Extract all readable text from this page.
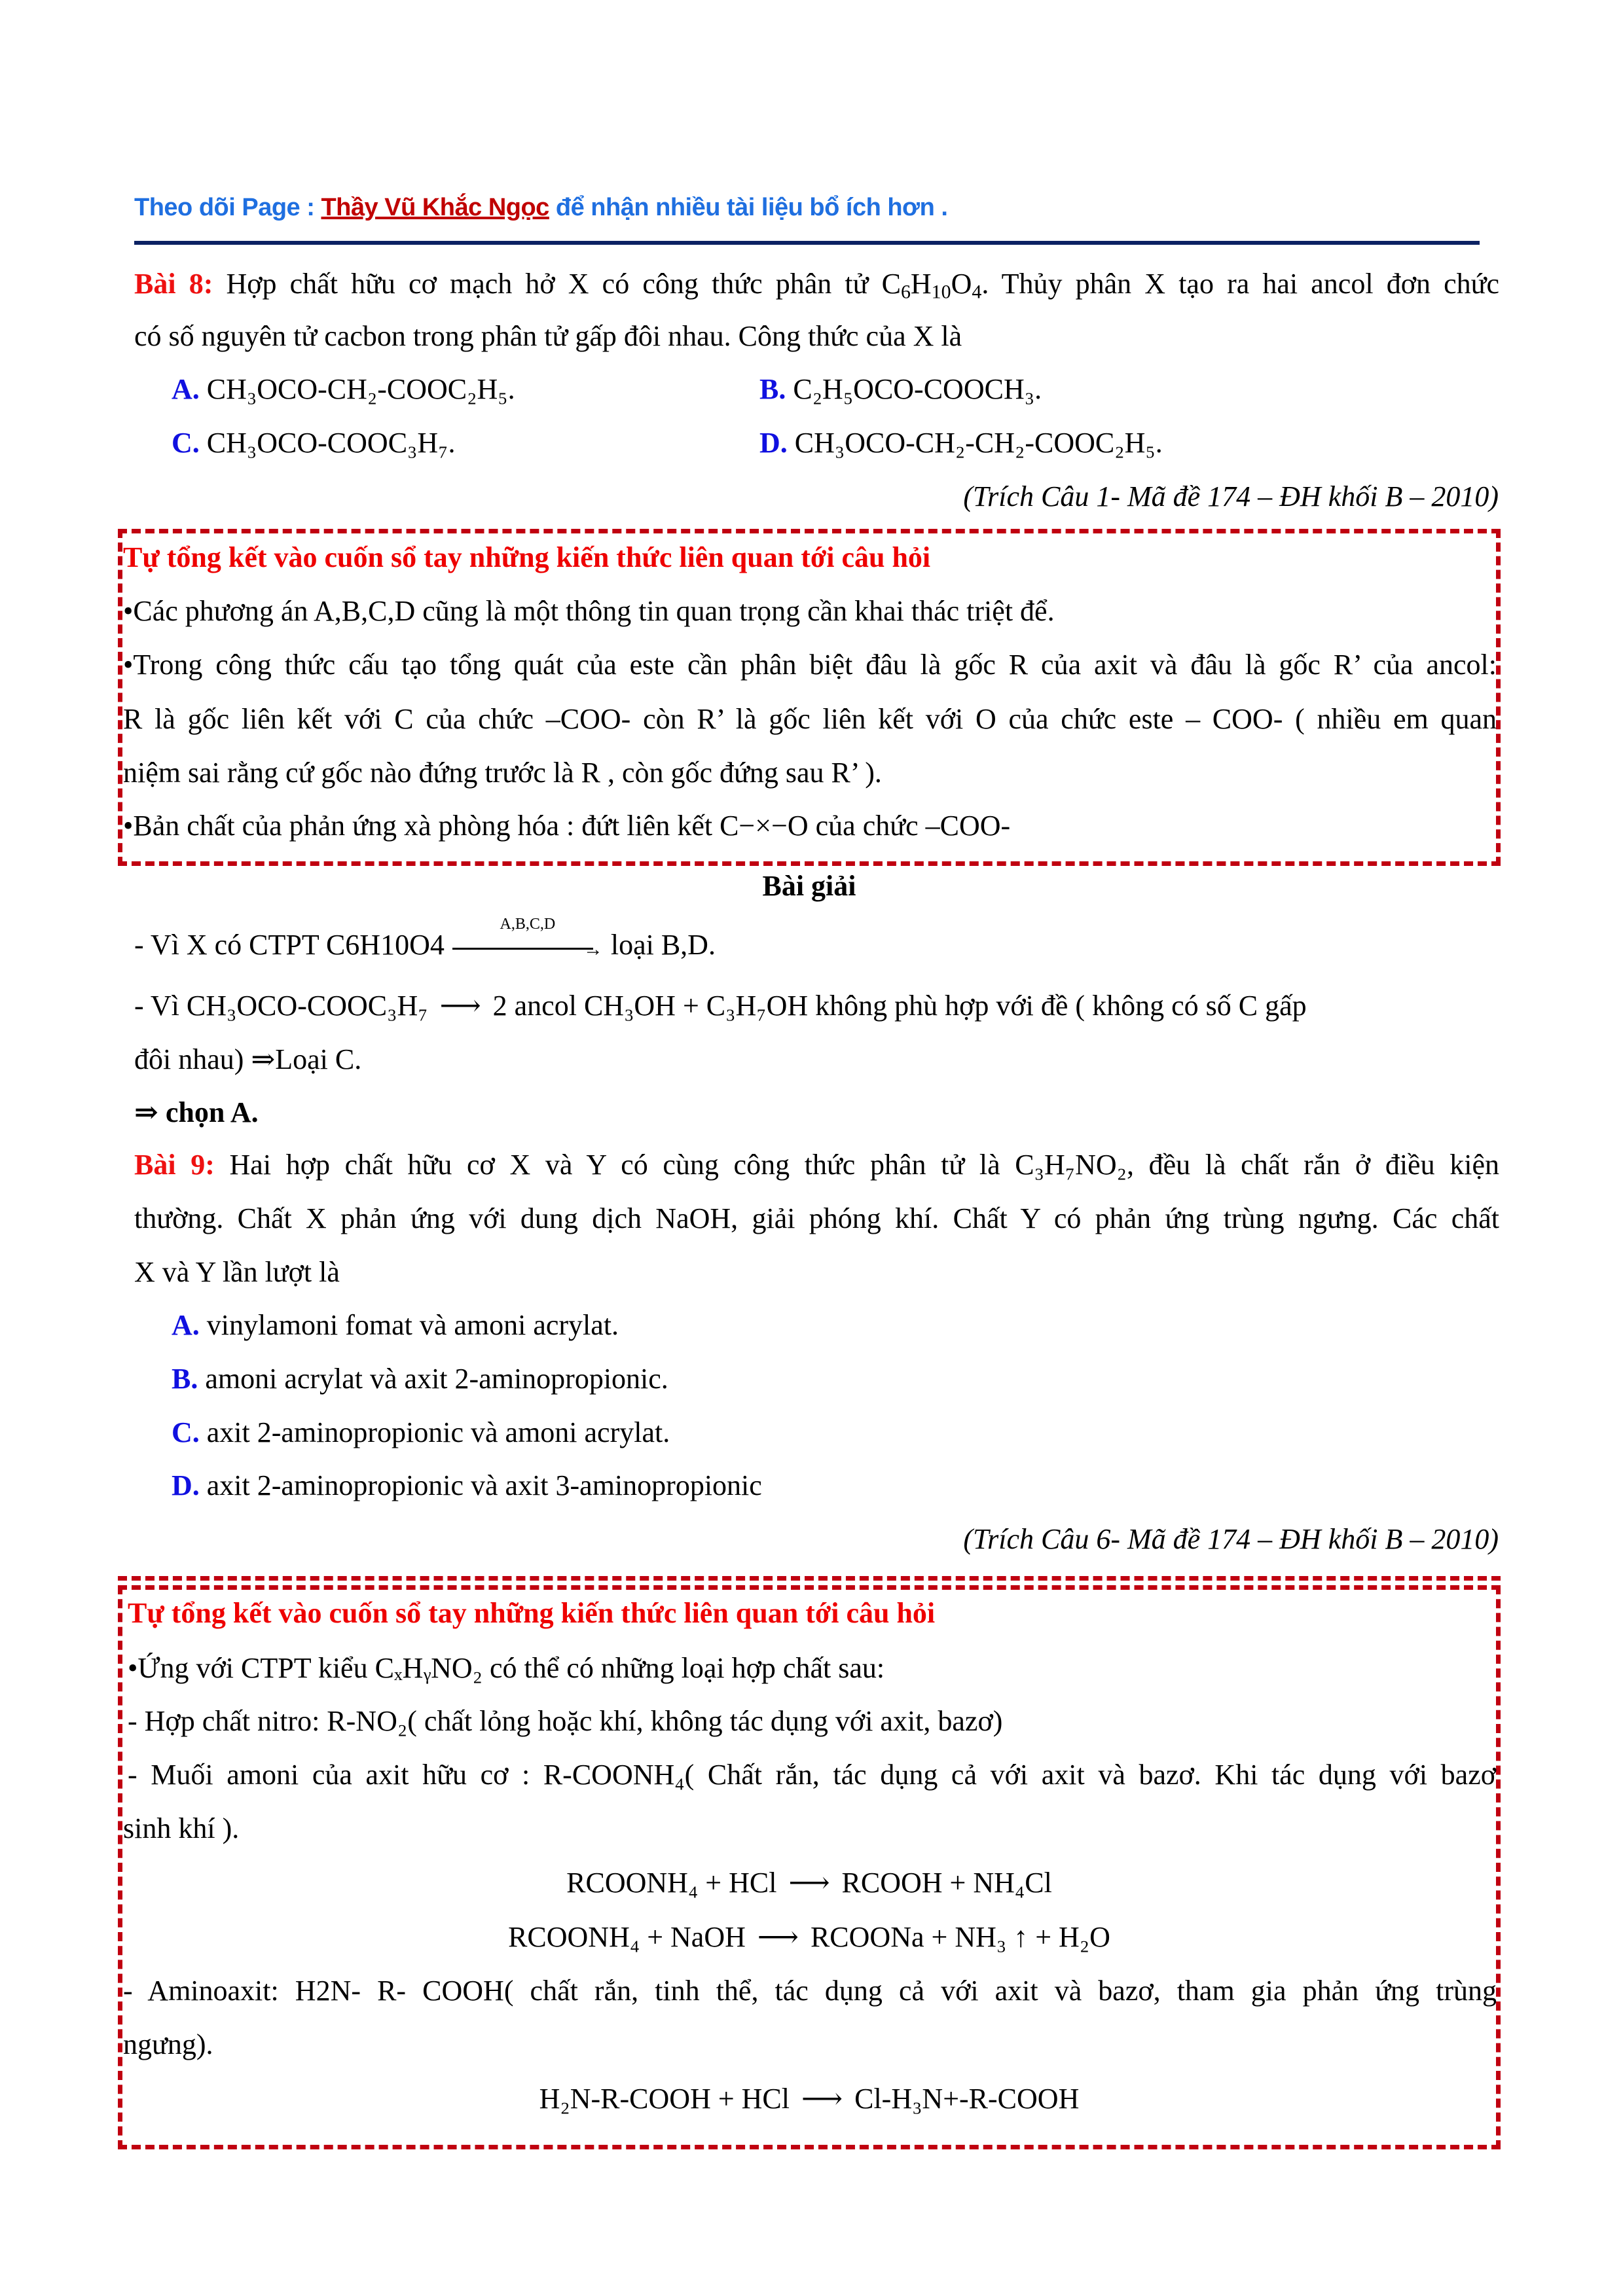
Theo dõi Page : Thầy Vũ Khắc Ngọc để nhận nhiều tài liệu bổ ích hơn .
Bài 8: Hợp chất hữu cơ mạch hở X có công thức phân tử $C_6H_{10}O_4$. Thủy phân X tạo ra hai ancol đơn chức
có số nguyên tử cacbon trong phân tử gấp đôi nhau. Công thức của X là
A. CH₃OCO-CH₂-COOC₂H₅.	B. C₂H₅OCO-COOCH₃.
C. CH₃OCO-COOC₃H₇.	D. CH₃OCO-CH₂-CH₂-COOC₂H₅.
(Trích Câu 1- Mã đề 174 – ĐH khối B – 2010)
Tự tổng kết vào cuốn sổ tay những kiến thức liên quan tới câu hỏi
•Các phương án A,B,C,D cũng là một thông tin quan trọng cần khai thác triệt để.
•Trong công thức cấu tạo tổng quát của este cần phân biệt đâu là gốc R của axit và đâu là gốc R’ của ancol:
R là gốc liên kết với C của chức –COO- còn R’ là gốc liên kết với O của chức este – COO- ( nhiều em quan
niệm sai rằng cứ gốc nào đứng trước là R , còn gốc đứng sau R’ ).
•Bản chất của phản ứng xà phòng hóa : đứt liên kết C−×−O của chức –COO-
Bài giải
- Vì X có CTPT C6H10O4
A,B,C,D
→ loại B,D.
- Vì CH₃OCO-COOC₃H₇ ⟶ 2 ancol CH₃OH + C₃H₇OH không phù hợp với đề ( không có số C gấp
đôi nhau) ⇒Loại C.
⇒ chọn A.
Bài 9: Hai hợp chất hữu cơ X và Y có cùng công thức phân tử là C₃H₇NO₂, đều là chất rắn ở điều kiện
thường. Chất X phản ứng với dung dịch NaOH, giải phóng khí. Chất Y có phản ứng trùng ngưng. Các chất
X và Y lần lượt là
A. vinylamoni fomat và amoni acrylat.
B. amoni acrylat và axit 2-aminopropionic.
C. axit 2-aminopropionic và amoni acrylat.
D. axit 2-aminopropionic và axit 3-aminopropionic
(Trích Câu 6- Mã đề 174 – ĐH khối B – 2010)
Tự tổng kết vào cuốn sổ tay những kiến thức liên quan tới câu hỏi
•Ứng với CTPT kiểu CₓHᵧNO₂ có thể có những loại hợp chất sau:
- Hợp chất nitro: R-NO₂( chất lỏng hoặc khí, không tác dụng với axit, bazơ)
- Muối amoni của axit hữu cơ : R-COONH₄( Chất rắn, tác dụng cả với axit và bazơ. Khi tác dụng với bazơ
sinh khí ).
RCOONH₄ + HCl ⟶ RCOOH + NH₄Cl
RCOONH₄ + NaOH ⟶ RCOONa + NH₃ ↑ + H₂O
- Aminoaxit: H2N- R- COOH( chất rắn, tinh thể, tác dụng cả với axit và bazơ, tham gia phản ứng trùng
ngưng).
H₂N-R-COOH + HCl ⟶ Cl-H₃N+-R-COOH
